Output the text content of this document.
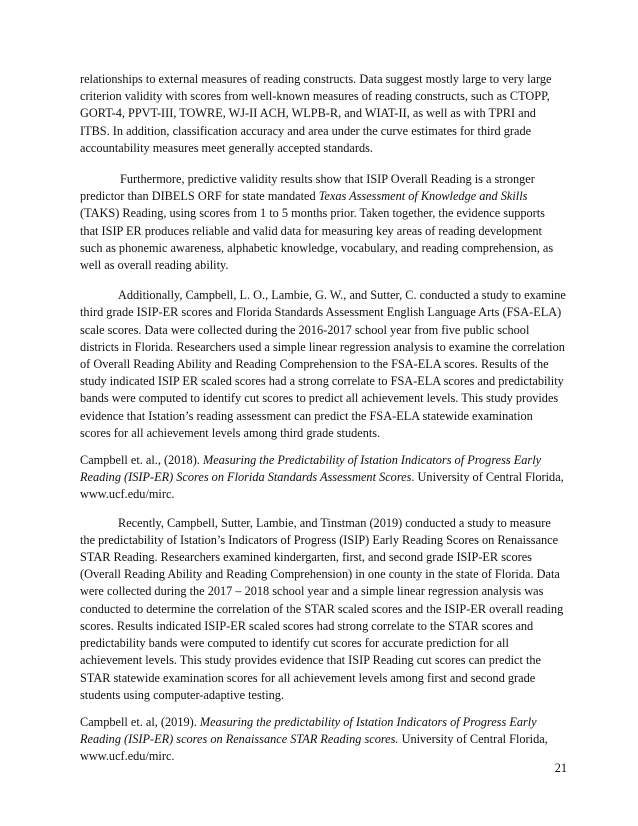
relationships to external measures of reading constructs. Data suggest mostly large to very large criterion validity with scores from well-known measures of reading constructs, such as CTOPP, GORT-4, PPVT-III, TOWRE, WJ-II ACH, WLPB-R, and WIAT-II, as well as with TPRI and ITBS. In addition, classification accuracy and area under the curve estimates for third grade accountability measures meet generally accepted standards.

Furthermore, predictive validity results show that ISIP Overall Reading is a stronger predictor than DIBELS ORF for state mandated Texas Assessment of Knowledge and Skills (TAKS) Reading, using scores from 1 to 5 months prior. Taken together, the evidence supports that ISIP ER produces reliable and valid data for measuring key areas of reading development such as phonemic awareness, alphabetic knowledge, vocabulary, and reading comprehension, as well as overall reading ability.

Additionally, Campbell, L. O., Lambie, G. W., and Sutter, C. conducted a study to examine third grade ISIP-ER scores and Florida Standards Assessment English Language Arts (FSA-ELA) scale scores. Data were collected during the 2016-2017 school year from five public school districts in Florida. Researchers used a simple linear regression analysis to examine the correlation of Overall Reading Ability and Reading Comprehension to the FSA-ELA scores. Results of the study indicated ISIP ER scaled scores had a strong correlate to FSA-ELA scores and predictability bands were computed to identify cut scores to predict all achievement levels. This study provides evidence that Istation’s reading assessment can predict the FSA-ELA statewide examination scores for all achievement levels among third grade students.

Campbell et. al., (2018). Measuring the Predictability of Istation Indicators of Progress Early Reading (ISIP-ER) Scores on Florida Standards Assessment Scores. University of Central Florida, www.ucf.edu/mirc.

Recently, Campbell, Sutter, Lambie, and Tinstman (2019) conducted a study to measure the predictability of Istation’s Indicators of Progress (ISIP) Early Reading Scores on Renaissance STAR Reading. Researchers examined kindergarten, first, and second grade ISIP-ER scores (Overall Reading Ability and Reading Comprehension) in one county in the state of Florida. Data were collected during the 2017 – 2018 school year and a simple linear regression analysis was conducted to determine the correlation of the STAR scaled scores and the ISIP-ER overall reading scores. Results indicated ISIP-ER scaled scores had strong correlate to the STAR scores and predictability bands were computed to identify cut scores for accurate prediction for all achievement levels. This study provides evidence that ISIP Reading cut scores can predict the STAR statewide examination scores for all achievement levels among first and second grade students using computer-adaptive testing.

Campbell et. al, (2019). Measuring the predictability of Istation Indicators of Progress Early Reading (ISIP-ER) scores on Renaissance STAR Reading scores. University of Central Florida, www.ucf.edu/mirc.

21
